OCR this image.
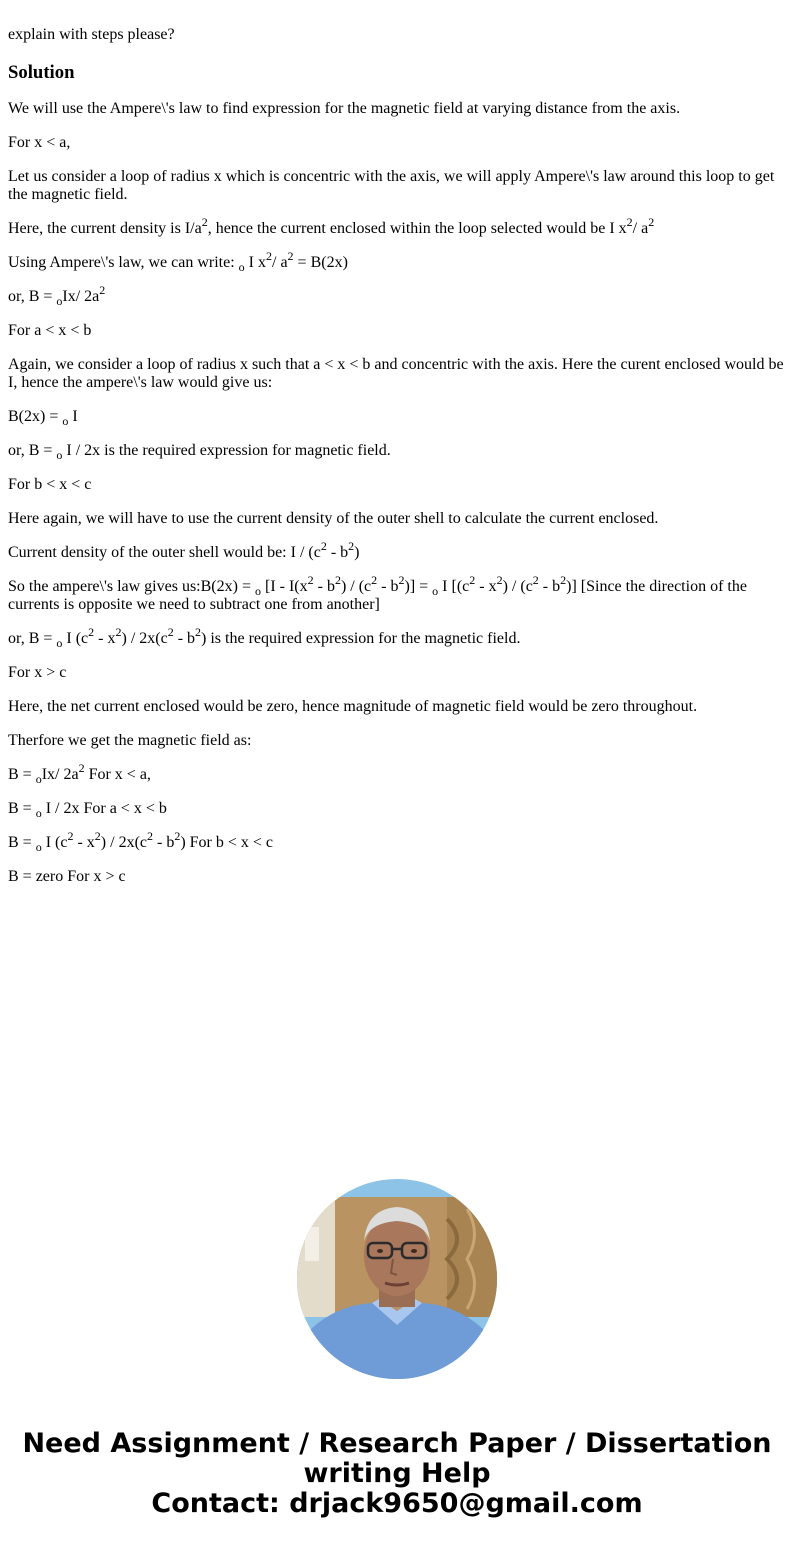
explain with steps please?

Solution

We will use the Ampere\'s law to find expression for the magnetic field at varying distance from the axis.

For x < a,

Let us consider a loop of radius x which is concentric with the axis, we will apply Ampere\'s law around this loop to get the magnetic field.

Here, the current density is $I/a^2$, hence the current enclosed within the loop selected would be I $x^2/$ $a^2$

Using Ampere\'s law, we can write: $_o$ I $x^2/$ $a^2 = B(2x)$

or, B = $_o$Ix/ $2a^2$

For a < x < b

Again, we consider a loop of radius x such that a < x < b and concentric with the axis. Here the curent enclosed would be I, hence the ampere\'s law would give us:

B(2x) = $_o$ I

or, B = $_o$ I / 2x is the required expression for magnetic field.

For b < x < c

Here again, we will have to use the current density of the outer shell to calculate the current enclosed.

Current density of the outer shell would be: I / $(c^2 - b^2)$

So the ampere\'s law gives us:B(2x) = $_o$ $[I - I(x^2 - b^2) / (c^2 - b^2)] = _o$ I $[(c^2 - x^2) / (c^2 - b^2)]$ [Since the direction of the currents is opposite we need to subtract one from another]

or, B = $_o$ I $(c^2 - x^2) / 2x(c^2 - b^2)$ is the required expression for the magnetic field.

For x > c

Here, the net current enclosed would be zero, hence magnitude of magnetic field would be zero throughout.

Therfore we get the magnetic field as:

B = $_o$Ix/ $2a^2$ For x < a,

B = $_o$ I / 2x For a < x < b

B = $_o$ I $(c^2 - x^2) / 2x(c^2 - b^2)$ For b < x < c

B = zero For x > c

Need Assignment / Research Paper / Dissertation
writing Help
Contact: drjack9650@gmail.com
